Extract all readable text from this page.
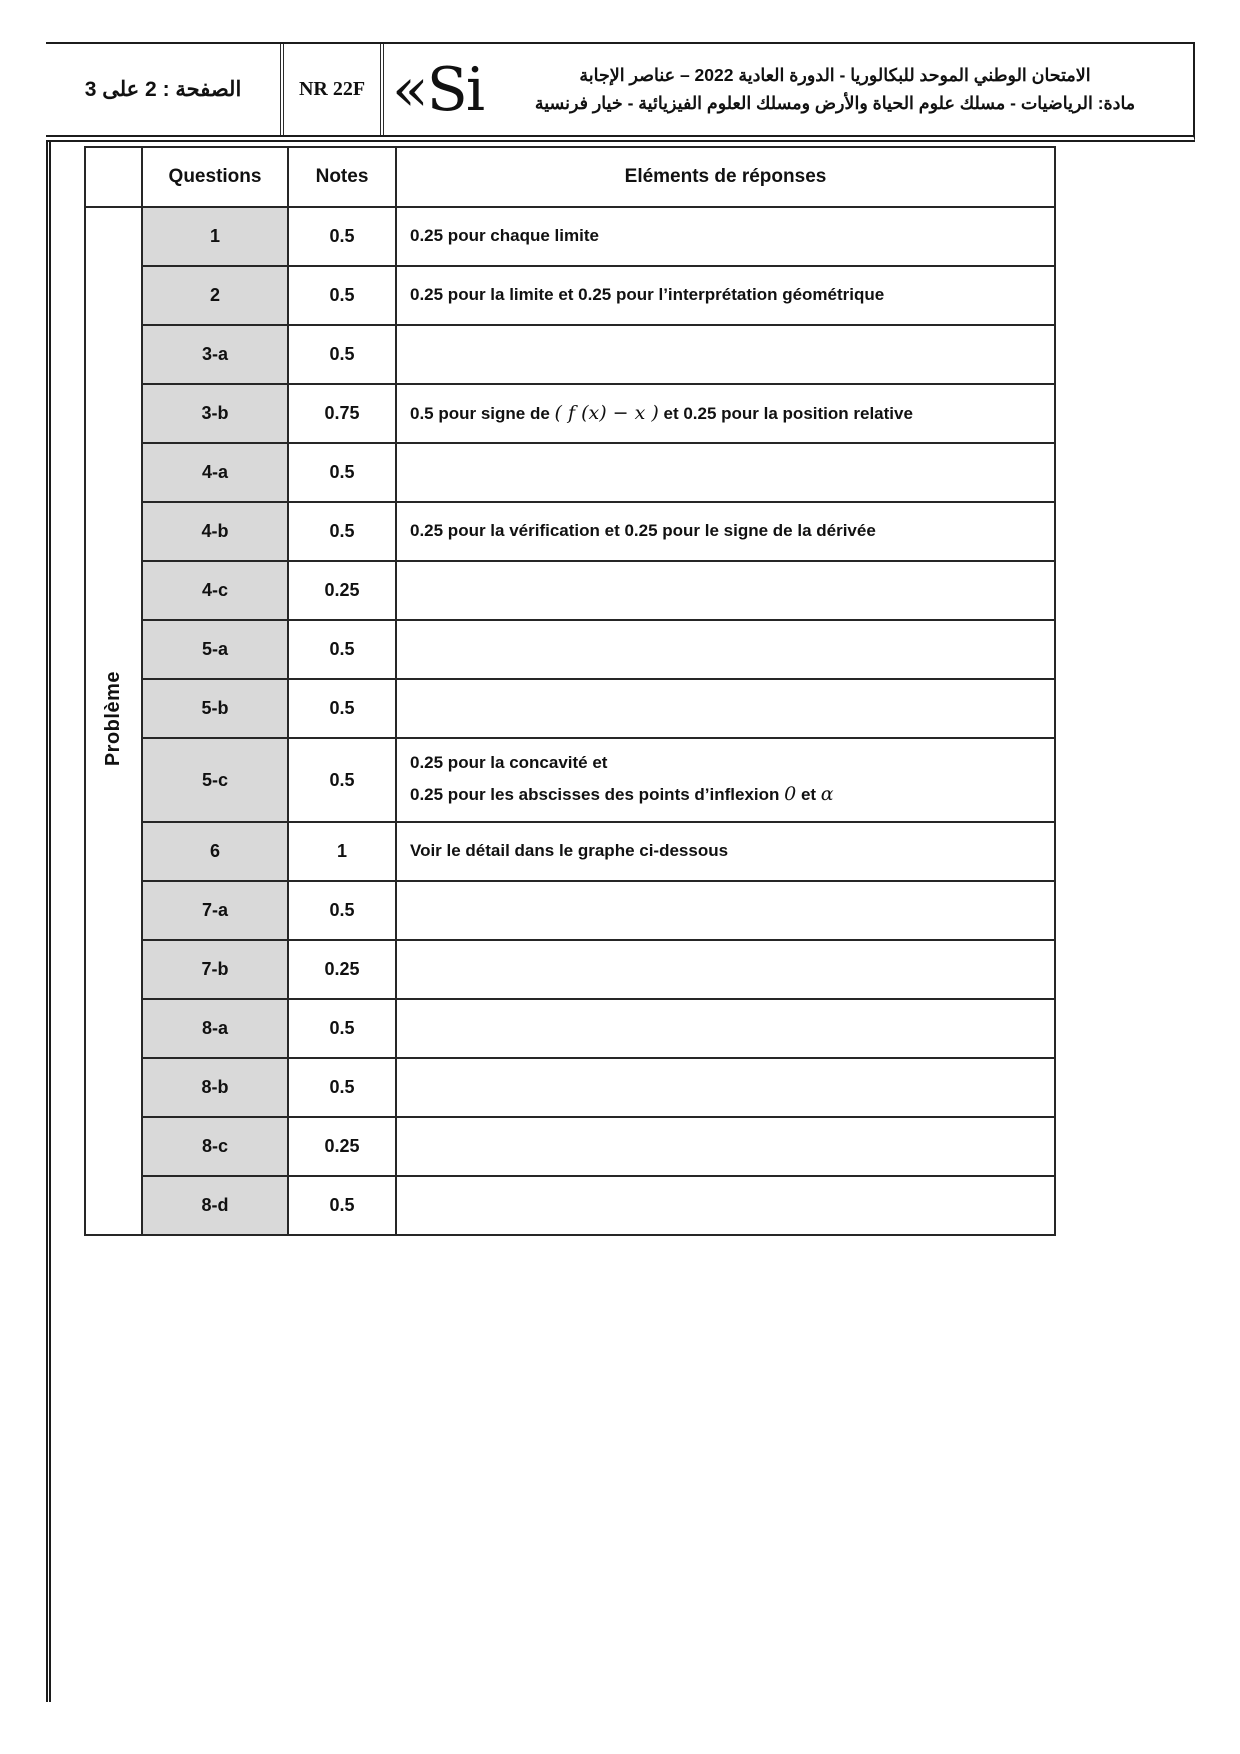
الصفحة : 2 على 3	NR 22F «Si	الامتحان الوطني الموحد للبكالوريا - الدورة العادية 2022 – عناصر الإجابة
مادة: الرياضيات - مسلك علوم الحياة والأرض ومسلك العلوم الفيزيائية - خيار فرنسية
	Questions	Notes	Eléments de réponses
Problème	1	0.5	0.25 pour chaque limite

	2	0.5	0.25 pour la limite et 0.25 pour l’interprétation géométrique

	3-a	0.5	
	3-b	0.75	0.5 pour signe de ( f (x) − x ) et 0.25 pour la position relative

	4-a	0.5	
	4-b	0.5	0.25 pour la vérification et 0.25 pour le signe de la dérivée

	4-c	0.25	
	5-a	0.5	
	5-b	0.5	
	5-c	0.5	0.25 pour la concavité et
0.25 pour les abscisses des points d’inflexion 0 et α

	6	1	Voir le détail dans le graphe ci-dessous

	7-a	0.5	
	7-b	0.25	
	8-a	0.5	
	8-b	0.5	
	8-c	0.25	
	8-d	0.5	
